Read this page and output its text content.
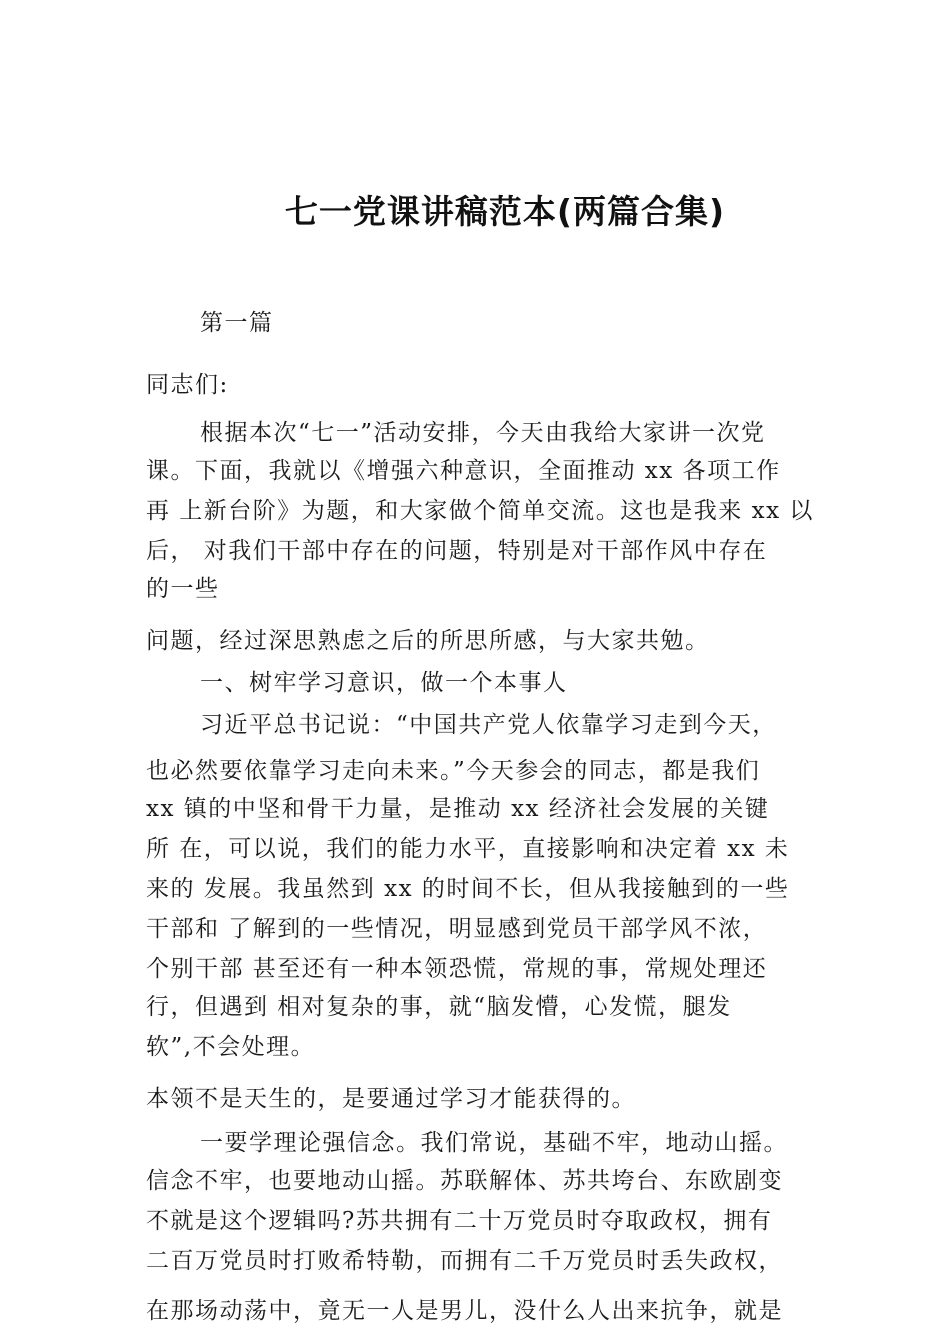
七一党课讲稿范本(两篇合集)
第一篇
同志们:
根据本次“七一”活动安排，今天由我给大家讲一次党
课。下面，我就以《增强六种意识，全面推动 xx 各项工作
再 上新台阶》为题，和大家做个简单交流。这也是我来 xx 以
后， 对我们干部中存在的问题，特别是对干部作风中存在
的一些
问题，经过深思熟虑之后的所思所感，与大家共勉。
一、树牢学习意识，做一个本事人
习近平总书记说：“中国共产党人依靠学习走到今天，
也必然要依靠学习走向未来。”今天参会的同志，都是我们
xx 镇的中坚和骨干力量，是推动 xx 经济社会发展的关键
所 在，可以说，我们的能力水平，直接影响和决定着 xx 未
来的 发展。我虽然到 xx 的时间不长，但从我接触到的一些
干部和 了解到的一些情况，明显感到党员干部学风不浓，
个别干部 甚至还有一种本领恐慌，常规的事，常规处理还
行，但遇到 相对复杂的事，就“脑发懵，心发慌，腿发
软”,不会处理。
本领不是天生的，是要通过学习才能获得的。
一要学理论强信念。我们常说，基础不牢，地动山摇。
信念不牢，也要地动山摇。苏联解体、苏共垮台、东欧剧变
不就是这个逻辑吗?苏共拥有二十万党员时夺取政权，拥有
二百万党员时打败希特勒，而拥有二千万党员时丢失政权，
在那场动荡中，竟无一人是男儿，没什么人出来抗争，就是
